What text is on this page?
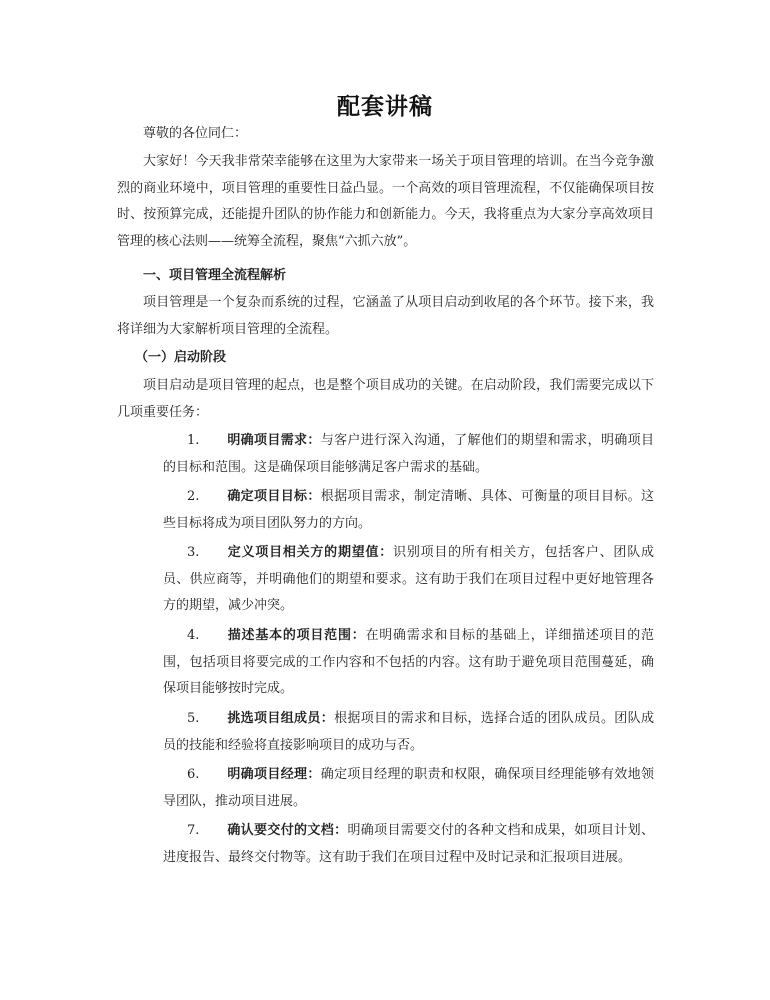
配套讲稿

尊敬的各位同仁：

大家好！今天我非常荣幸能够在这里为大家带来一场关于项目管理的培训。在当今竞争激烈的商业环境中，项目管理的重要性日益凸显。一个高效的项目管理流程，不仅能确保项目按时、按预算完成，还能提升团队的协作能力和创新能力。今天，我将重点为大家分享高效项目管理的核心法则——统筹全流程，聚焦“六抓六放”。

一、项目管理全流程解析

项目管理是一个复杂而系统的过程，它涵盖了从项目启动到收尾的各个环节。接下来，我将详细为大家解析项目管理的全流程。

（一）启动阶段

项目启动是项目管理的起点，也是整个项目成功的关键。在启动阶段，我们需要完成以下几项重要任务：

1. 明确项目需求：与客户进行深入沟通，了解他们的期望和需求，明确项目的目标和范围。这是确保项目能够满足客户需求的基础。

2. 确定项目目标：根据项目需求，制定清晰、具体、可衡量的项目目标。这些目标将成为项目团队努力的方向。

3. 定义项目相关方的期望值：识别项目的所有相关方，包括客户、团队成员、供应商等，并明确他们的期望和要求。这有助于我们在项目过程中更好地管理各方的期望，减少冲突。

4. 描述基本的项目范围：在明确需求和目标的基础上，详细描述项目的范围，包括项目将要完成的工作内容和不包括的内容。这有助于避免项目范围蔓延，确保项目能够按时完成。

5. 挑选项目组成员：根据项目的需求和目标，选择合适的团队成员。团队成员的技能和经验将直接影响项目的成功与否。

6. 明确项目经理：确定项目经理的职责和权限，确保项目经理能够有效地领导团队，推动项目进展。

7. 确认要交付的文档：明确项目需要交付的各种文档和成果，如项目计划、进度报告、最终交付物等。这有助于我们在项目过程中及时记录和汇报项目进展。
